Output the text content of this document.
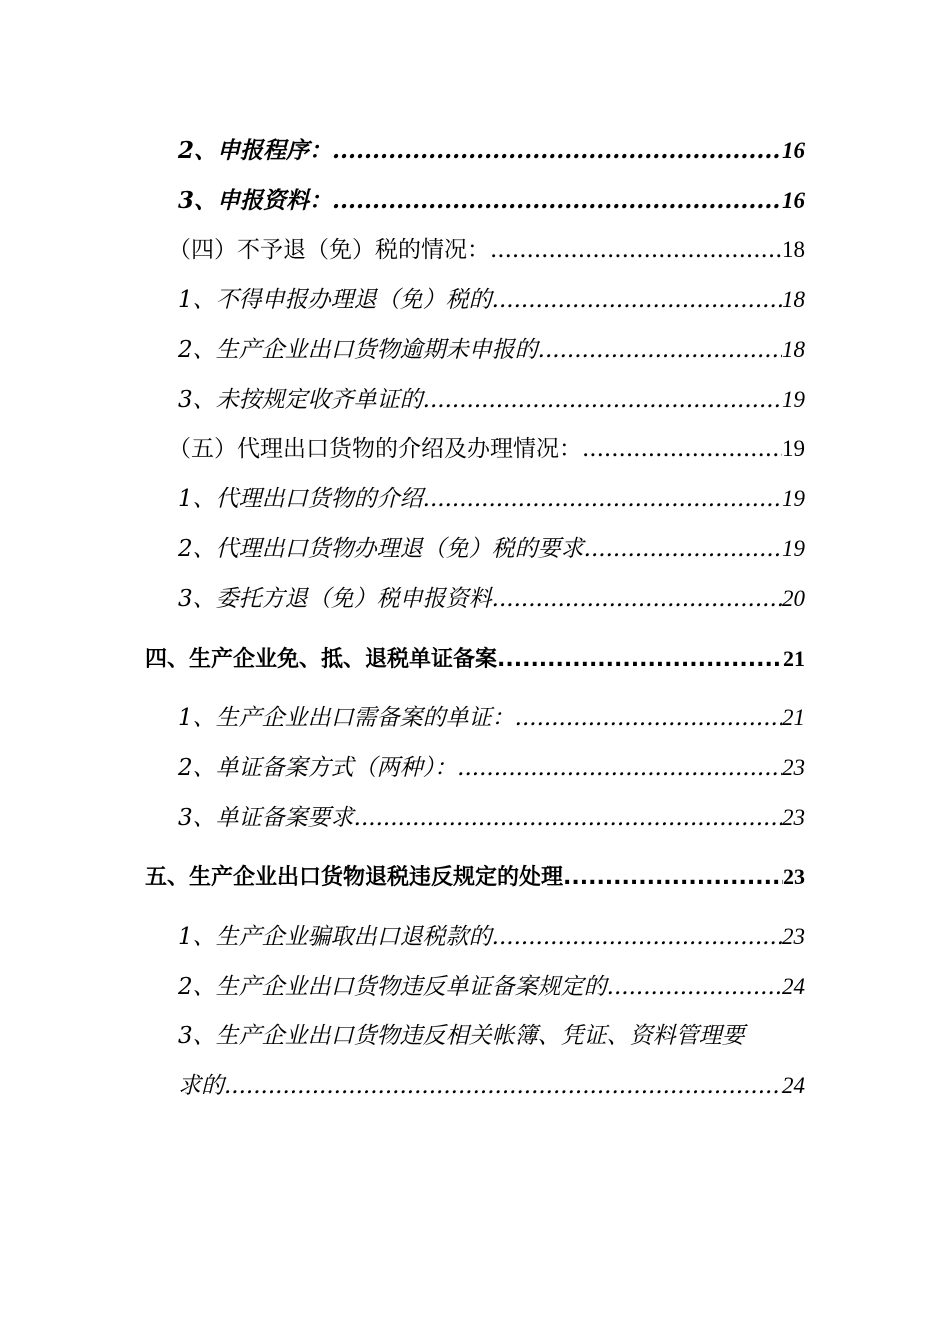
2、申报程序： .....	16
3、申报资料： .....	16
（四）不予退（免）税的情况： .....	18
1、不得申报办理退（免）税的 .....	18
2、生产企业出口货物逾期未申报的 .....	18
3、未按规定收齐单证的 .....	19
（五）代理出口货物的介绍及办理情况： .....	19
1、代理出口货物的介绍 .....	19
2、代理出口货物办理退（免）税的要求 .....	19
3、委托方退（免）税申报资料 .....	20
四、生产企业免、抵、退税单证备案 .....	21
1、生产企业出口需备案的单证： .....	21
2、单证备案方式（两种）： .....	23
3、单证备案要求 .....	23
五、生产企业出口货物退税违反规定的处理 .....	23
1、生产企业骗取出口退税款的 .....	23
2、生产企业出口货物违反单证备案规定的 .....	24
3、生产企业出口货物违反相关帐簿、凭证、资料管理要
求的 .....	24
